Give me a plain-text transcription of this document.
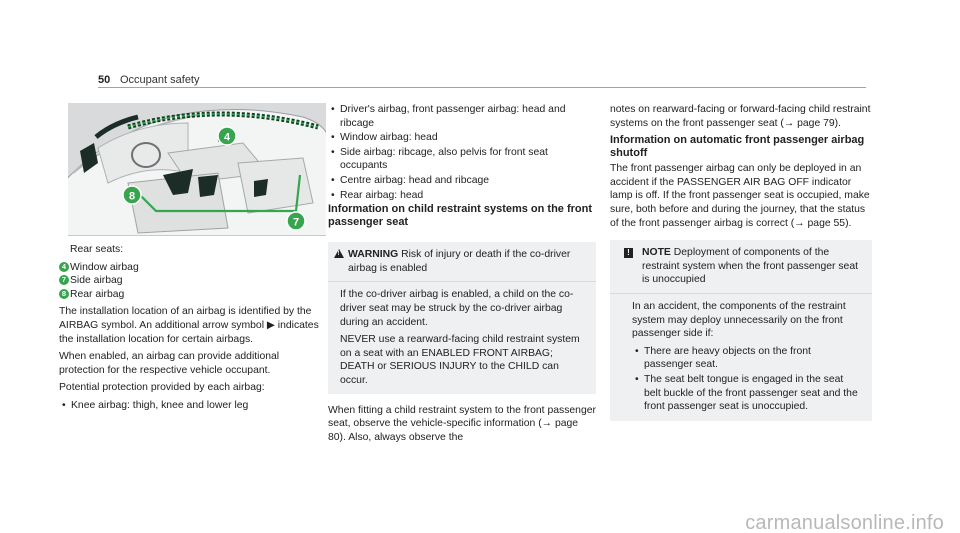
50 Occupant safety
4
8
7

Rear seats:

4 Window airbag
7 Side airbag
8 Rear airbag

The installation location of an airbag is identified by the AIRBAG symbol. An additional arrow symbol ▶ indicates the installation location for certain airbags.

When enabled, an airbag can provide additional protection for the respective vehicle occupant.

Potential protection provided by each airbag:

• Knee airbag: thigh, knee and lower leg
• Driver's airbag, front passenger airbag: head and ribcage
• Window airbag: head
• Side airbag: ribcage, also pelvis for front seat occupants
• Centre airbag: head and ribcage
• Rear airbag: head
Information on child restraint systems on the front passenger seat
! WARNING Risk of injury or death if the co-driver airbag is enabled

If the co-driver airbag is enabled, a child on the co-driver seat may be struck by the co-driver airbag during an accident.

NEVER use a rearward-facing child restraint system on a seat with an ENABLED FRONT AIRBAG; DEATH or SERIOUS INJURY to the CHILD can occur.

When fitting a child restraint system to the front passenger seat, observe the vehicle-specific information (→ page 80). Also, always observe the

notes on rearward-facing or forward-facing child restraint systems on the front passenger seat (→ page 79).

Information on automatic front passenger airbag shutoff

The front passenger airbag can only be deployed in an accident if the PASSENGER AIR BAG OFF indicator lamp is off. If the front passenger seat is occupied, make sure, both before and during the journey, that the status of the front passenger airbag is correct (→ page 55).

!	NOTE Deployment of components of the restraint system when the front passenger seat is unoccupied

In an accident, the components of the restraint system may deploy unnecessarily on the front passenger side if:

• There are heavy objects on the front passenger seat.
• The seat belt tongue is engaged in the seat belt buckle of the front passenger seat and the front passenger seat is unoccupied.
carmanualsonline.info
